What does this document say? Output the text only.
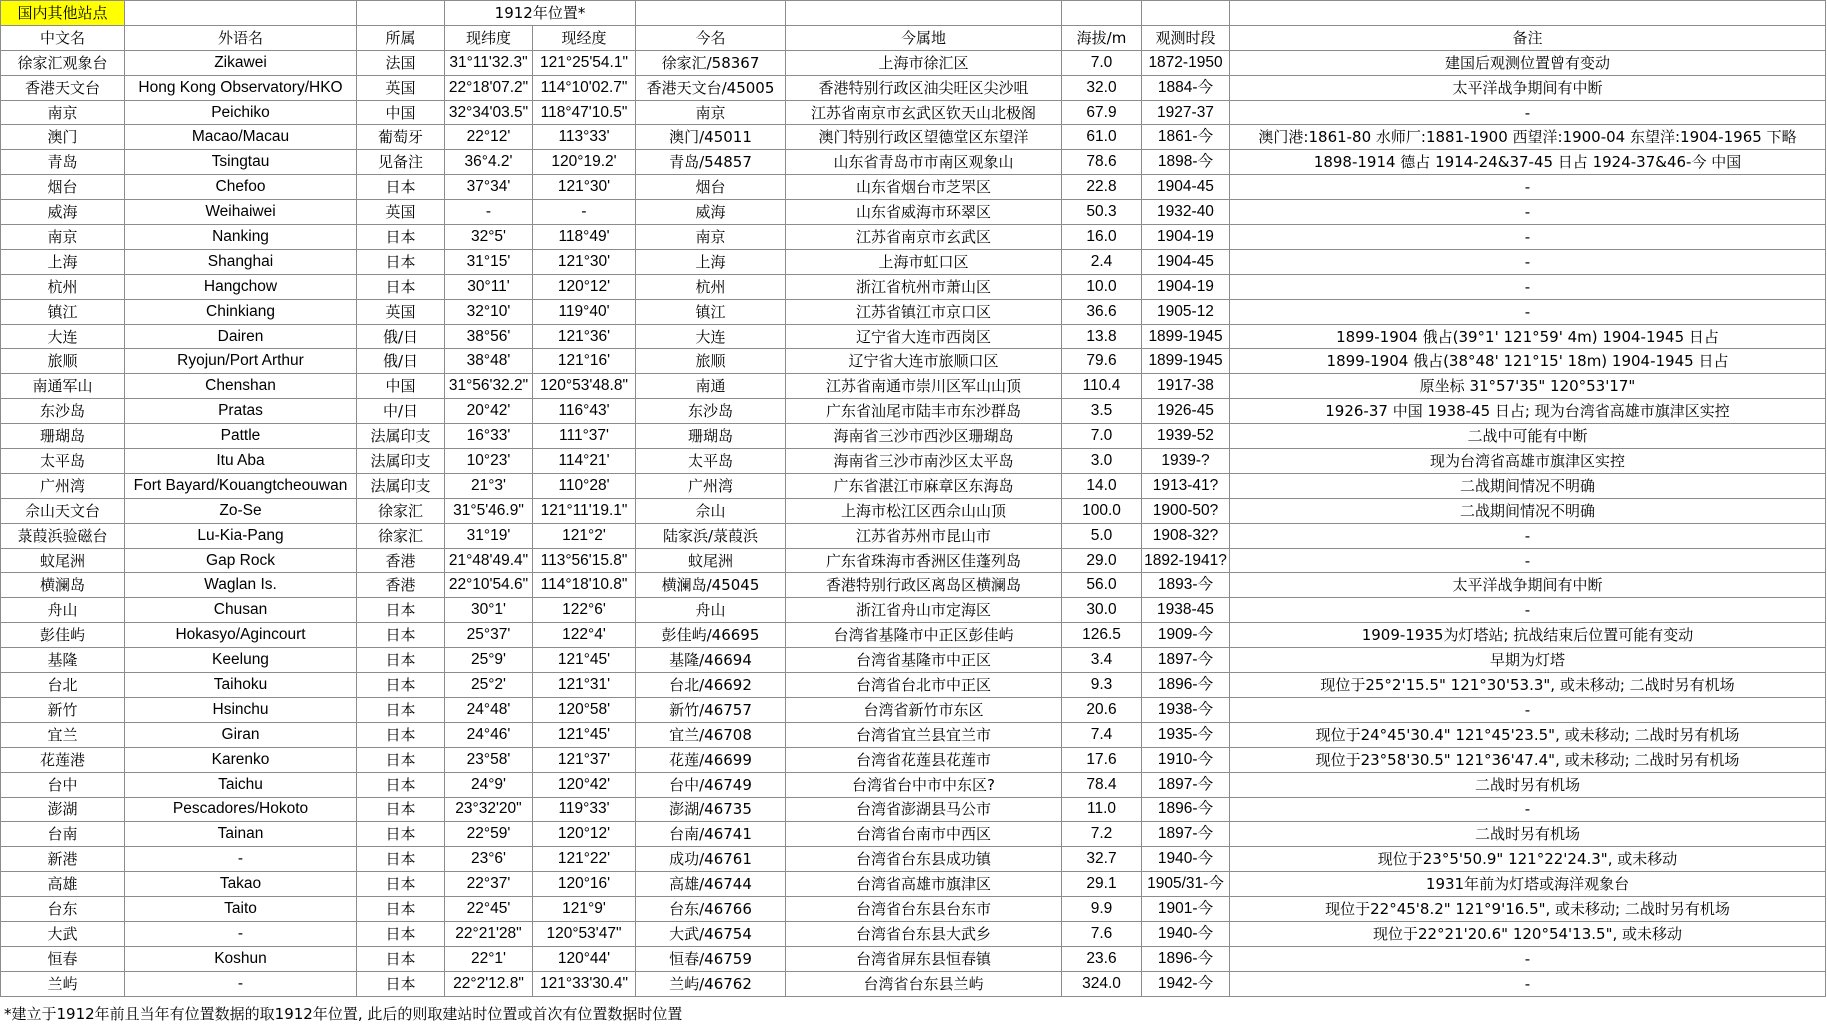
国内其他站点			1912年位置*						
中文名	外语名	所属	现纬度	现经度	今名	今属地	海拔/m	观测时段	备注
徐家汇观象台	Zikawei	法国	31°11'32.3"	121°25'54.1"	徐家汇/58367	上海市徐汇区	7.0	1872-1950	建国后观测位置曾有变动
香港天文台	Hong Kong Observatory/HKO	英国	22°18'07.2"	114°10'02.7"	香港天文台/45005	香港特别行政区油尖旺区尖沙咀	32.0	1884-今	太平洋战争期间有中断
南京	Peichiko	中国	32°34'03.5"	118°47'10.5"	南京	江苏省南京市玄武区钦天山北极阁	67.9	1927-37	-
澳门	Macao/Macau	葡萄牙	22°12'	113°33'	澳门/45011	澳门特别行政区望德堂区东望洋	61.0	1861-今	澳门港:1861-80 水师厂:1881-1900 西望洋:1900-04 东望洋:1904-1965 下略
青岛	Tsingtau	见备注	36°4.2'	120°19.2'	青岛/54857	山东省青岛市市南区观象山	78.6	1898-今	1898-1914 德占 1914-24&37-45 日占 1924-37&46-今 中国
烟台	Chefoo	日本	37°34'	121°30'	烟台	山东省烟台市芝罘区	22.8	1904-45	-
威海	Weihaiwei	英国	-	-	威海	山东省威海市环翠区	50.3	1932-40	-
南京	Nanking	日本	32°5'	118°49'	南京	江苏省南京市玄武区	16.0	1904-19	-
上海	Shanghai	日本	31°15'	121°30'	上海	上海市虹口区	2.4	1904-45	-
杭州	Hangchow	日本	30°11'	120°12'	杭州	浙江省杭州市萧山区	10.0	1904-19	-
镇江	Chinkiang	英国	32°10'	119°40'	镇江	江苏省镇江市京口区	36.6	1905-12	-
大连	Dairen	俄/日	38°56'	121°36'	大连	辽宁省大连市西岗区	13.8	1899-1945	1899-1904 俄占(39°1' 121°59' 4m) 1904-1945 日占
旅顺	Ryojun/Port Arthur	俄/日	38°48'	121°16'	旅顺	辽宁省大连市旅顺口区	79.6	1899-1945	1899-1904 俄占(38°48' 121°15' 18m) 1904-1945 日占
南通军山	Chenshan	中国	31°56'32.2"	120°53'48.8"	南通	江苏省南通市崇川区军山山顶	110.4	1917-38	原坐标 31°57'35" 120°53'17"
东沙岛	Pratas	中/日	20°42'	116°43'	东沙岛	广东省汕尾市陆丰市东沙群岛	3.5	1926-45	1926-37 中国 1938-45 日占; 现为台湾省高雄市旗津区实控
珊瑚岛	Pattle	法属印支	16°33'	111°37'	珊瑚岛	海南省三沙市西沙区珊瑚岛	7.0	1939-52	二战中可能有中断
太平岛	Itu Aba	法属印支	10°23'	114°21'	太平岛	海南省三沙市南沙区太平岛	3.0	1939-?	现为台湾省高雄市旗津区实控
广州湾	Fort Bayard/Kouangtcheouwan	法属印支	21°3'	110°28'	广州湾	广东省湛江市麻章区东海岛	14.0	1913-41?	二战期间情况不明确
佘山天文台	Zo-Se	徐家汇	31°5'46.9"	121°11'19.1"	佘山	上海市松江区西佘山山顶	100.0	1900-50?	二战期间情况不明确
菉葭浜验磁台	Lu-Kia-Pang	徐家汇	31°19'	121°2'	陆家浜/菉葭浜	江苏省苏州市昆山市	5.0	1908-32?	-
蚊尾洲	Gap Rock	香港	21°48'49.4"	113°56'15.8"	蚊尾洲	广东省珠海市香洲区佳蓬列岛	29.0	1892-1941?	-
横澜岛	Waglan Is.	香港	22°10'54.6"	114°18'10.8"	横澜岛/45045	香港特别行政区离岛区横澜岛	56.0	1893-今	太平洋战争期间有中断
舟山	Chusan	日本	30°1'	122°6'	舟山	浙江省舟山市定海区	30.0	1938-45	-
彭佳屿	Hokasyo/Agincourt	日本	25°37'	122°4'	彭佳屿/46695	台湾省基隆市中正区彭佳屿	126.5	1909-今	1909-1935为灯塔站; 抗战结束后位置可能有变动
基隆	Keelung	日本	25°9'	121°45'	基隆/46694	台湾省基隆市中正区	3.4	1897-今	早期为灯塔
台北	Taihoku	日本	25°2'	121°31'	台北/46692	台湾省台北市中正区	9.3	1896-今	现位于25°2'15.5" 121°30'53.3", 或未移动; 二战时另有机场
新竹	Hsinchu	日本	24°48'	120°58'	新竹/46757	台湾省新竹市东区	20.6	1938-今	-
宜兰	Giran	日本	24°46'	121°45'	宜兰/46708	台湾省宜兰县宜兰市	7.4	1935-今	现位于24°45'30.4" 121°45'23.5", 或未移动; 二战时另有机场
花莲港	Karenko	日本	23°58'	121°37'	花莲/46699	台湾省花莲县花莲市	17.6	1910-今	现位于23°58'30.5" 121°36'47.4", 或未移动; 二战时另有机场
台中	Taichu	日本	24°9'	120°42'	台中/46749	台湾省台中市中东区?	78.4	1897-今	二战时另有机场
澎湖	Pescadores/Hokoto	日本	23°32'20"	119°33'	澎湖/46735	台湾省澎湖县马公市	11.0	1896-今	-
台南	Tainan	日本	22°59'	120°12'	台南/46741	台湾省台南市中西区	7.2	1897-今	二战时另有机场
新港	-	日本	23°6'	121°22'	成功/46761	台湾省台东县成功镇	32.7	1940-今	现位于23°5'50.9" 121°22'24.3", 或未移动
高雄	Takao	日本	22°37'	120°16'	高雄/46744	台湾省高雄市旗津区	29.1	1905/31-今	1931年前为灯塔或海洋观象台
台东	Taito	日本	22°45'	121°9'	台东/46766	台湾省台东县台东市	9.9	1901-今	现位于22°45'8.2" 121°9'16.5", 或未移动; 二战时另有机场
大武	-	日本	22°21'28"	120°53'47"	大武/46754	台湾省台东县大武乡	7.6	1940-今	现位于22°21'20.6" 120°54'13.5", 或未移动
恒春	Koshun	日本	22°1'	120°44'	恒春/46759	台湾省屏东县恒春镇	23.6	1896-今	-
兰屿	-	日本	22°2'12.8"	121°33'30.4"	兰屿/46762	台湾省台东县兰屿	324.0	1942-今	-
*建立于1912年前且当年有位置数据的取1912年位置, 此后的则取建站时位置或首次有位置数据时位置
